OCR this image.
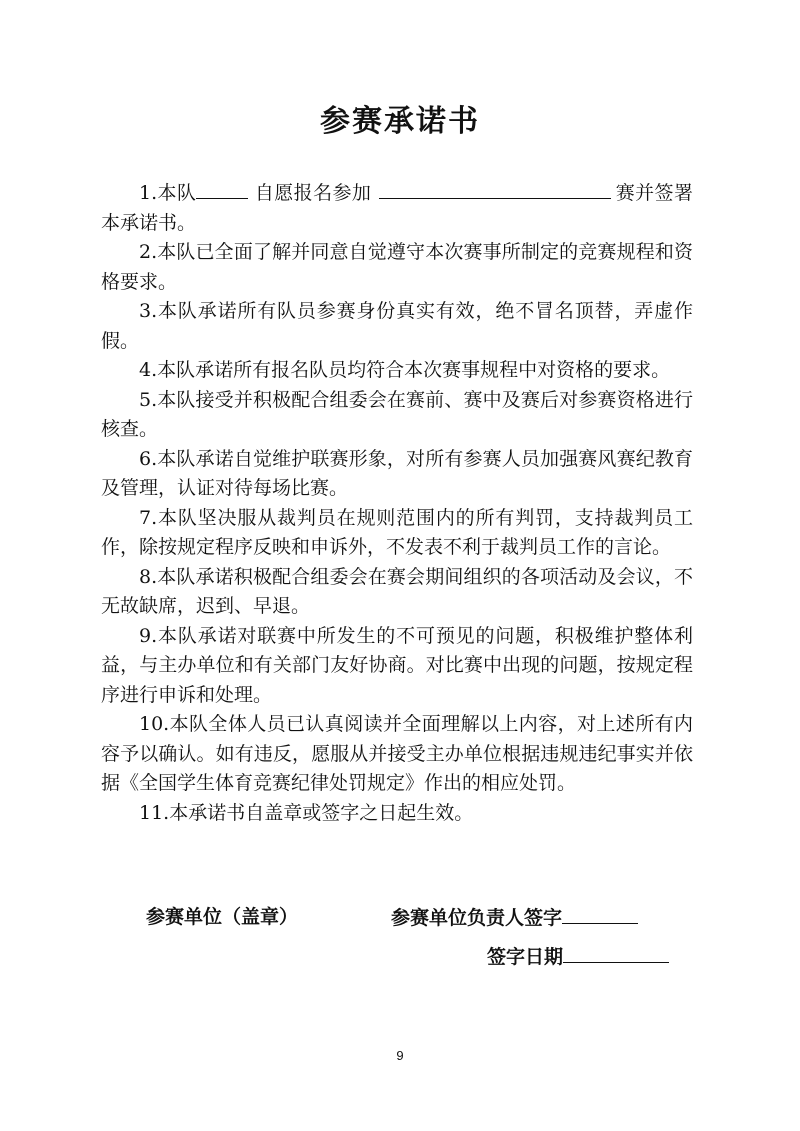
参赛承诺书

1.本队	自愿报名参加	赛并签署本承诺书。

2.本队已全面了解并同意自觉遵守本次赛事所制定的竞赛规程和资格要求。

3.本队承诺所有队员参赛身份真实有效，绝不冒名顶替，弄虚作假。

4.本队承诺所有报名队员均符合本次赛事规程中对资格的要求。

5.本队接受并积极配合组委会在赛前、赛中及赛后对参赛资格进行核查。

6.本队承诺自觉维护联赛形象，对所有参赛人员加强赛风赛纪教育及管理，认证对待每场比赛。

7.本队坚决服从裁判员在规则范围内的所有判罚，支持裁判员工作，除按规定程序反映和申诉外，不发表不利于裁判员工作的言论。

8.本队承诺积极配合组委会在赛会期间组织的各项活动及会议，不无故缺席，迟到、早退。

9.本队承诺对联赛中所发生的不可预见的问题，积极维护整体利益，与主办单位和有关部门友好协商。对比赛中出现的问题，按规定程序进行申诉和处理。

10.本队全体人员已认真阅读并全面理解以上内容，对上述所有内容予以确认。如有违反，愿服从并接受主办单位根据违规违纪事实并依据《全国学生体育竞赛纪律处罚规定》作出的相应处罚。

11.本承诺书自盖章或签字之日起生效。

参赛单位（盖章）	参赛单位负责人签字
签字日期
9
